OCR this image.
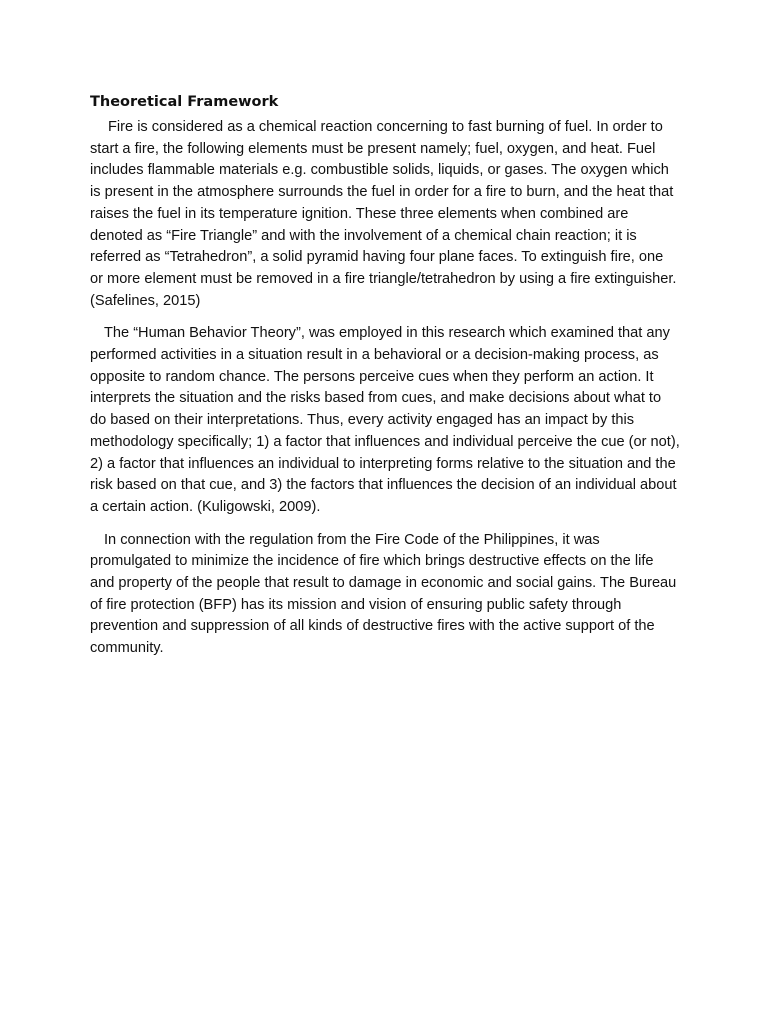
Theoretical Framework

Fire is considered as a chemical reaction concerning to fast burning of fuel. In order to start a fire, the following elements must be present namely; fuel, oxygen, and heat. Fuel includes flammable materials e.g. combustible solids, liquids, or gases. The oxygen which is present in the atmosphere surrounds the fuel in order for a fire to burn, and the heat that raises the fuel in its temperature ignition. These three elements when combined are denoted as “Fire Triangle” and with the involvement of a chemical chain reaction; it is referred as “Tetrahedron”, a solid pyramid having four plane faces. To extinguish fire, one or more element must be removed in a fire triangle/tetrahedron by using a fire extinguisher. (Safelines, 2015)

The “Human Behavior Theory”, was employed in this research which examined that any performed activities in a situation result in a behavioral or a decision-making process, as opposite to random chance. The persons perceive cues when they perform an action. It interprets the situation and the risks based from cues, and make decisions about what to do based on their interpretations. Thus, every activity engaged has an impact by this methodology specifically; 1) a factor that influences and individual perceive the cue (or not), 2) a factor that influences an individual to interpreting forms relative to the situation and the risk based on that cue, and 3) the factors that influences the decision of an individual about a certain action. (Kuligowski, 2009).

In connection with the regulation from the Fire Code of the Philippines, it was promulgated to minimize the incidence of fire which brings destructive effects on the life and property of the people that result to damage in economic and social gains. The Bureau of fire protection (BFP) has its mission and vision of ensuring public safety through prevention and suppression of all kinds of destructive fires with the active support of the community.
